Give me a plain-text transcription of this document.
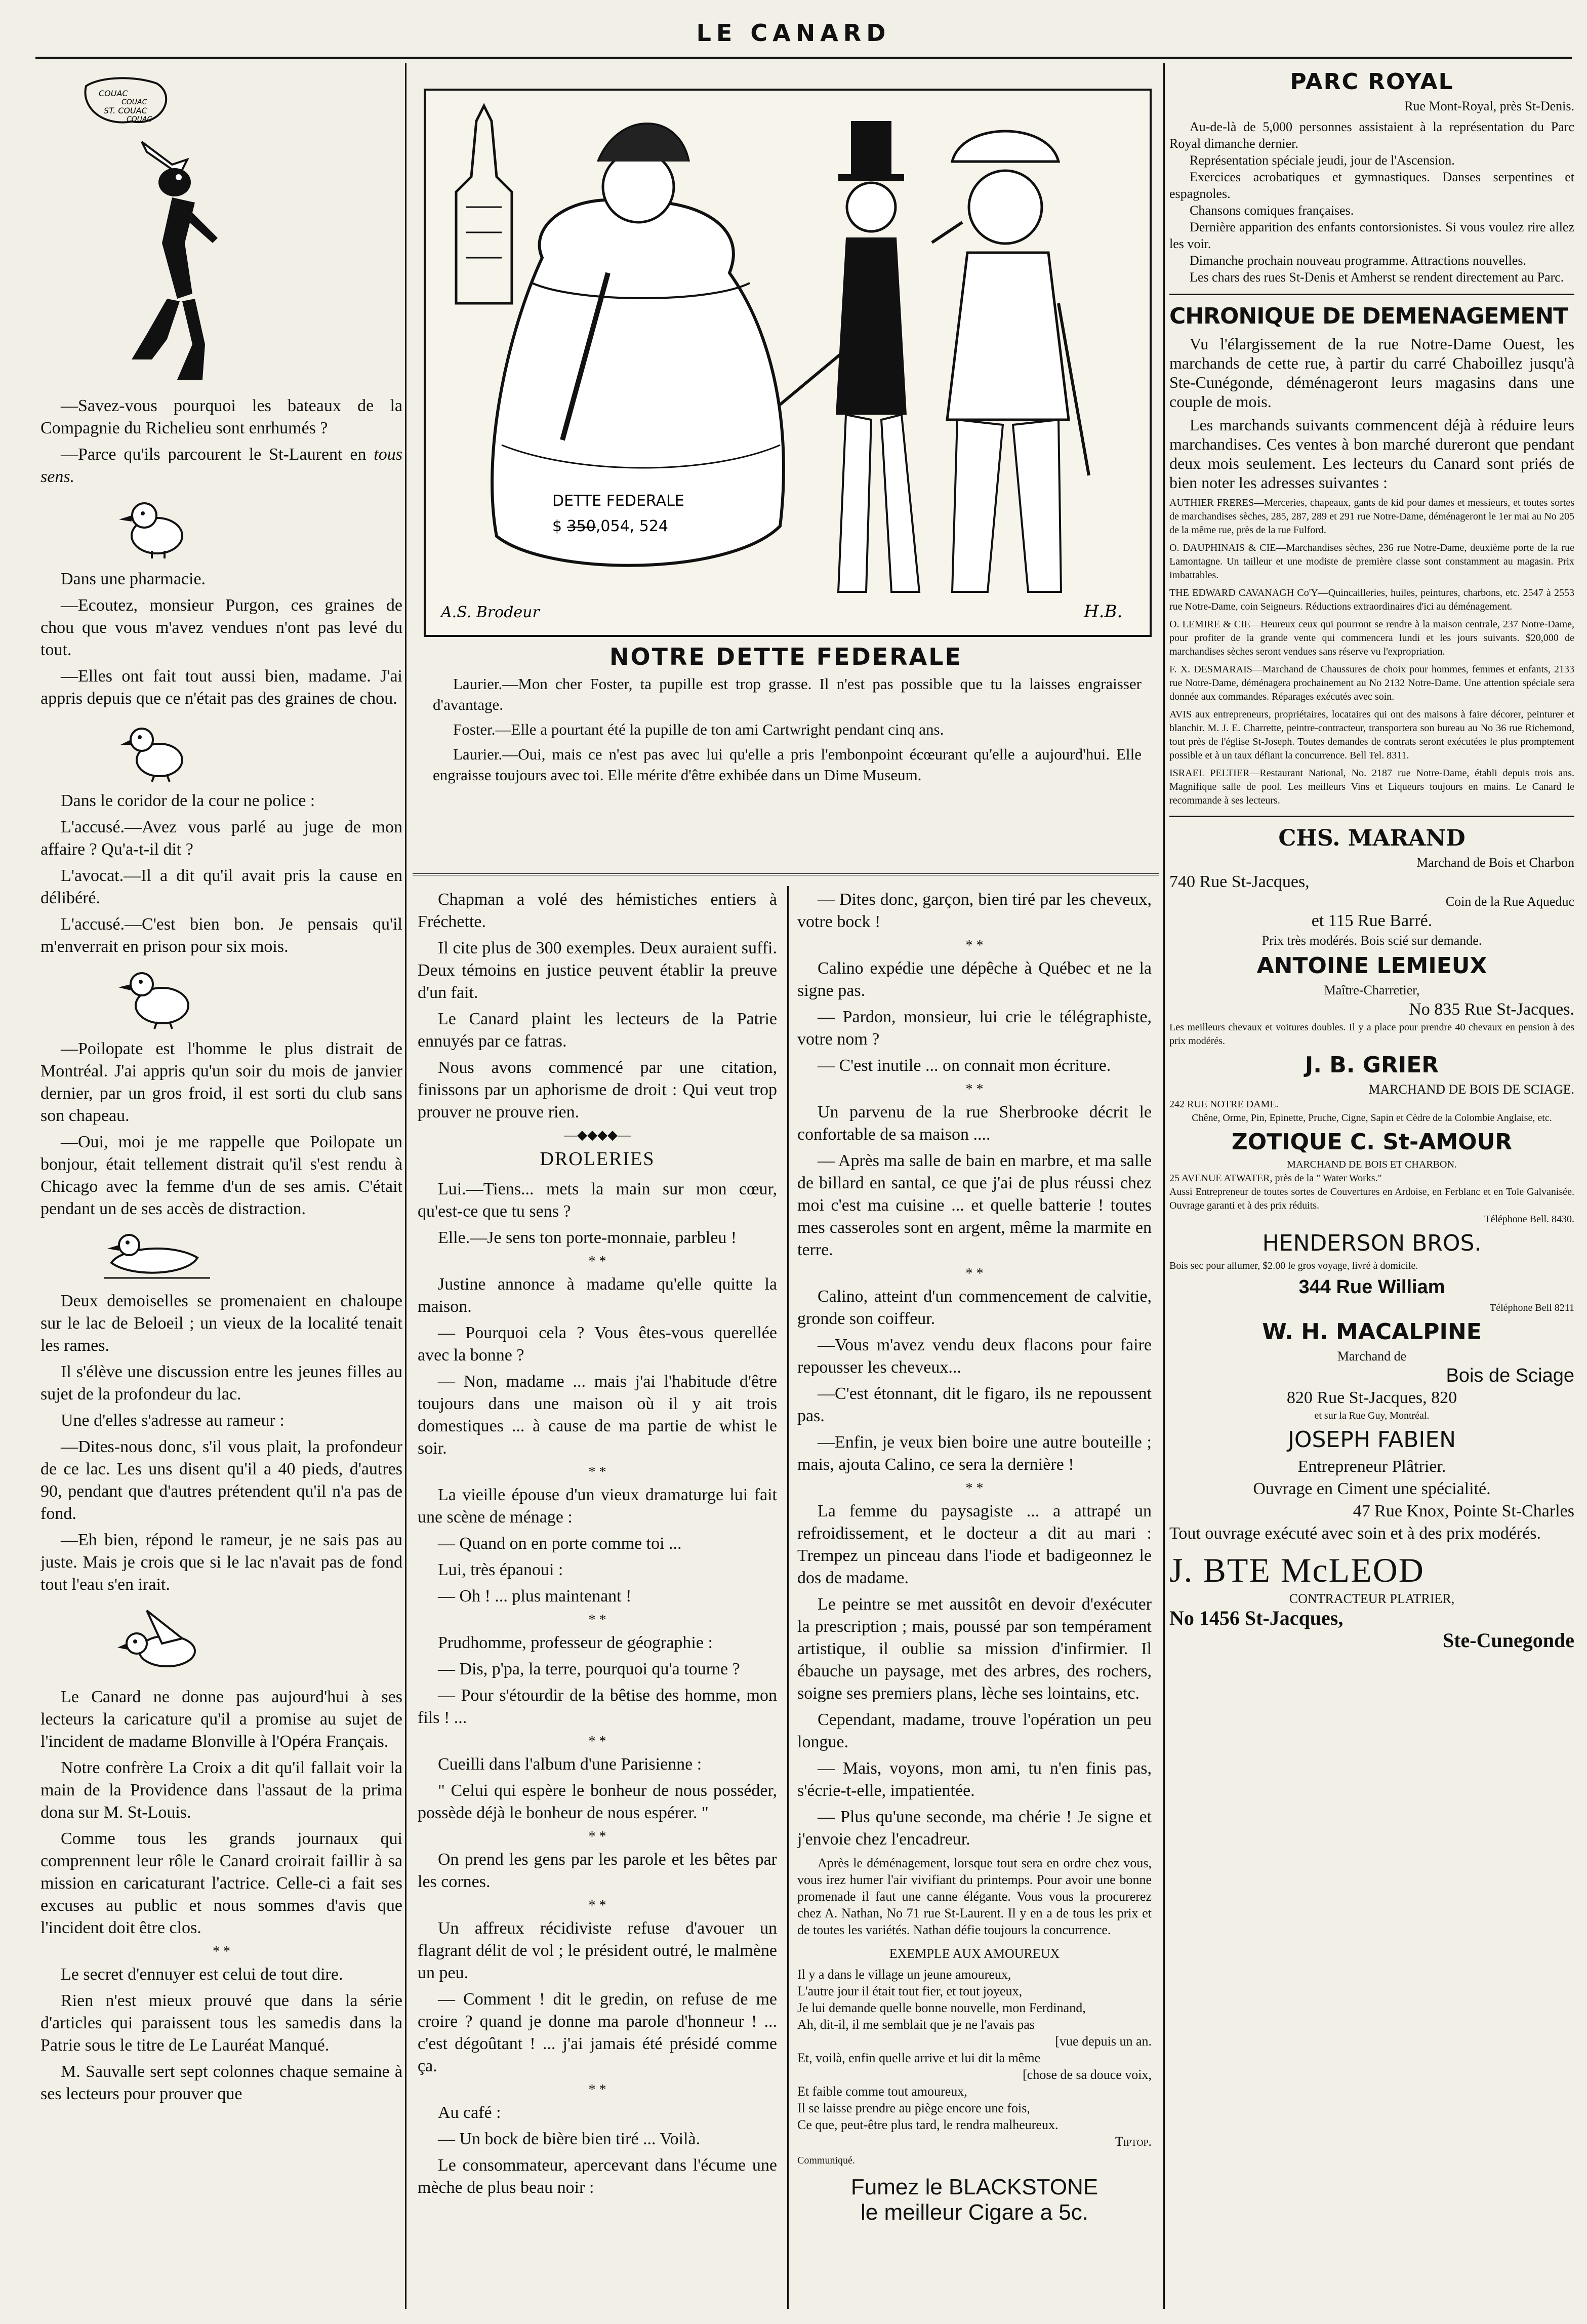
LE CANARD
COUAC
COUAC
ST. COUAC
COUAC

—Savez-vous pourquoi les bateaux de la Compagnie du Richelieu sont enrhumés ?

—Parce qu'ils parcourent le St-Laurent en tous sens.

Dans une pharmacie.

—Ecoutez, monsieur Purgon, ces graines de chou que vous m'avez vendues n'ont pas levé du tout.

—Elles ont fait tout aussi bien, madame. J'ai appris depuis que ce n'était pas des graines de chou.

Dans le coridor de la cour ne police :

L'accusé.—Avez vous parlé au juge de mon affaire ? Qu'a-t-il dit ?

L'avocat.—Il a dit qu'il avait pris la cause en délibéré.

L'accusé.—C'est bien bon. Je pensais qu'il m'enverrait en prison pour six mois.

—Poilopate est l'homme le plus distrait de Montréal. J'ai appris qu'un soir du mois de janvier dernier, par un gros froid, il est sorti du club sans son chapeau.

—Oui, moi je me rappelle que Poilopate un bonjour, était tellement distrait qu'il s'est rendu à Chicago avec la femme d'un de ses amis. C'était pendant un de ses accès de distraction.

Deux demoiselles se promenaient en chaloupe sur le lac de Beloeil ; un vieux de la localité tenait les rames.

Il s'élève une discussion entre les jeunes filles au sujet de la profondeur du lac.

Une d'elles s'adresse au rameur :

—Dites-nous donc, s'il vous plait, la profondeur de ce lac. Les uns disent qu'il a 40 pieds, d'autres 90, pendant que d'autres prétendent qu'il n'a pas de fond.

—Eh bien, répond le rameur, je ne sais pas au juste. Mais je crois que si le lac n'avait pas de fond tout l'eau s'en irait.

Le Canard ne donne pas aujourd'hui à ses lecteurs la caricature qu'il a promise au sujet de l'incident de madame Blonville à l'Opéra Français.

Notre confrère La Croix a dit qu'il fallait voir la main de la Providence dans l'assaut de la prima dona sur M. St-Louis.

Comme tous les grands journaux qui comprennent leur rôle le Canard croirait faillir à sa mission en caricaturant l'actrice. Celle-ci a fait ses excuses au public et nous sommes d'avis que l'incident doit être clos.

* *

Le secret d'ennuyer est celui de tout dire.

Rien n'est mieux prouvé que dans la série d'articles qui paraissent tous les samedis dans la Patrie sous le titre de Le Lauréat Manqué.

M. Sauvalle sert sept colonnes chaque semaine à ses lecteurs pour prouver que

DETTE FEDERALE
$ 3̶5̶0̶,054, 524
A.S. Brodeur	H.B.
NOTRE DETTE FEDERALE

Laurier.—Mon cher Foster, ta pupille est trop grasse. Il n'est pas possible que tu la laisses engraisser d'avantage.

Foster.—Elle a pourtant été la pupille de ton ami Cartwright pendant cinq ans.

Laurier.—Oui, mais ce n'est pas avec lui qu'elle a pris l'embonpoint écœurant qu'elle a aujourd'hui. Elle engraisse toujours avec toi. Elle mérite d'être exhibée dans un Dime Museum.

Chapman a volé des hémistiches entiers à Fréchette.

Il cite plus de 300 exemples. Deux auraient suffi. Deux témoins en justice peuvent établir la preuve d'un fait.

Le Canard plaint les lecteurs de la Patrie ennuyés par ce fatras.

Nous avons commencé par une citation, finissons par un aphorisme de droit : Qui veut trop prouver ne prouve rien.

—◆◆◆◆—
DROLERIES

Lui.—Tiens... mets la main sur mon cœur, qu'est-ce que tu sens ?

Elle.—Je sens ton porte-monnaie, parbleu !

* *

Justine annonce à madame qu'elle quitte la maison.

— Pourquoi cela ? Vous êtes-vous querellée avec la bonne ?

— Non, madame ... mais j'ai l'habitude d'être toujours dans une maison où il y ait trois domestiques ... à cause de ma partie de whist le soir.

* *

La vieille épouse d'un vieux dramaturge lui fait une scène de ménage :

— Quand on en porte comme toi ...

Lui, très épanoui :

— Oh ! ... plus maintenant !

* *

Prudhomme, professeur de géographie :

— Dis, p'pa, la terre, pourquoi qu'a tourne ?

— Pour s'étourdir de la bêtise des homme, mon fils ! ...

* *

Cueilli dans l'album d'une Parisienne :

" Celui qui espère le bonheur de nous posséder, possède déjà le bonheur de nous espérer. "

* *

On prend les gens par les parole et les bêtes par les cornes.

* *

Un affreux récidiviste refuse d'avouer un flagrant délit de vol ; le président outré, le malmène un peu.

— Comment ! dit le gredin, on refuse de me croire ? quand je donne ma parole d'honneur ! ... c'est dégoûtant ! ... j'ai jamais été présidé comme ça.

* *

Au café :

— Un bock de bière bien tiré ... Voilà.

Le consommateur, apercevant dans l'écume une mèche de plus beau noir :

— Dites donc, garçon, bien tiré par les cheveux, votre bock !

* *

Calino expédie une dépêche à Québec et ne la signe pas.

— Pardon, monsieur, lui crie le télégraphiste, votre nom ?

— C'est inutile ... on connait mon écriture.

* *

Un parvenu de la rue Sherbrooke décrit le confortable de sa maison ....

— Après ma salle de bain en marbre, et ma salle de billard en santal, ce que j'ai de plus réussi chez moi c'est ma cuisine ... et quelle batterie ! toutes mes casseroles sont en argent, même la marmite en terre.

* *

Calino, atteint d'un commencement de calvitie, gronde son coiffeur.

—Vous m'avez vendu deux flacons pour faire repousser les cheveux...

—C'est étonnant, dit le figaro, ils ne repoussent pas.

—Enfin, je veux bien boire une autre bouteille ; mais, ajouta Calino, ce sera la dernière !

* *

La femme du paysagiste ... a attrapé un refroidissement, et le docteur a dit au mari : Trempez un pinceau dans l'iode et badigeonnez le dos de madame.

Le peintre se met aussitôt en devoir d'exécuter la prescription ; mais, poussé par son tempérament artistique, il oublie sa mission d'infirmier. Il ébauche un paysage, met des arbres, des rochers, soigne ses premiers plans, lèche ses lointains, etc.

Cependant, madame, trouve l'opération un peu longue.

— Mais, voyons, mon ami, tu n'en finis pas, s'écrie-t-elle, impatientée.

— Plus qu'une seconde, ma chérie ! Je signe et j'envoie chez l'encadreur.

Après le déménagement, lorsque tout sera en ordre chez vous, vous irez humer l'air vivifiant du printemps. Pour avoir une bonne promenade il faut une canne élégante. Vous vous la procurerez chez A. Nathan, No 71 rue St-Laurent. Il y en a de tous les prix et de toutes les variétés. Nathan défie toujours la concurrence.

EXEMPLE AUX AMOUREUX

Il y a dans le village un jeune amoureux,

L'autre jour il était tout fier, et tout joyeux,

Je lui demande quelle bonne nouvelle, mon Ferdinand,

Ah, dit-il, il me semblait que je ne l'avais pas

[vue depuis un an.

Et, voilà, enfin quelle arrive et lui dit la même

[chose de sa douce voix,

Et faible comme tout amoureux,

Il se laisse prendre au piège encore une fois,

Ce que, peut-être plus tard, le rendra malheureux.

Tiptop.

Communiqué.

Fumez le BLACKSTONE
le meilleur Cigare a 5c.
PARC ROYAL

Rue Mont-Royal, près St-Denis.

Au-de-là de 5,000 personnes assistaient à la représentation du Parc Royal dimanche dernier.

Représentation spéciale jeudi, jour de l'Ascension.

Exercices acrobatiques et gymnastiques. Danses serpentines et espagnoles.

Chansons comiques françaises.

Dernière apparition des enfants contorsionistes. Si vous voulez rire allez les voir.

Dimanche prochain nouveau programme. Attractions nouvelles.

Les chars des rues St-Denis et Amherst se rendent directement au Parc.

CHRONIQUE DE DEMENAGEMENT

Vu l'élargissement de la rue Notre-Dame Ouest, les marchands de cette rue, à partir du carré Chaboillez jusqu'à Ste-Cunégonde, déménageront leurs magasins dans une couple de mois.

Les marchands suivants commencent déjà à réduire leurs marchandises. Ces ventes à bon marché dureront que pendant deux mois seulement. Les lecteurs du Canard sont priés de bien noter les adresses suivantes :

AUTHIER FRERES—Merceries, chapeaux, gants de kid pour dames et messieurs, et toutes sortes de marchandises sèches, 285, 287, 289 et 291 rue Notre-Dame, déménageront le 1er mai au No 205 de la même rue, près de la rue Fulford.

O. DAUPHINAIS & CIE—Marchandises sèches, 236 rue Notre-Dame, deuxième porte de la rue Lamontagne. Un tailleur et une modiste de première classe sont constamment au magasin. Prix imbattables.

THE EDWARD CAVANAGH Co'Y—Quincailleries, huiles, peintures, charbons, etc. 2547 à 2553 rue Notre-Dame, coin Seigneurs. Réductions extraordinaires d'ici au déménagement.

O. LEMIRE & CIE—Heureux ceux qui pourront se rendre à la maison centrale, 237 Notre-Dame, pour profiter de la grande vente qui commencera lundi et les jours suivants. $20,000 de marchandises sèches seront vendues sans réserve vu l'expropriation.

F. X. DESMARAIS—Marchand de Chaussures de choix pour hommes, femmes et enfants, 2133 rue Notre-Dame, déménagera prochainement au No 2132 Notre-Dame. Une attention spéciale sera donnée aux commandes. Réparages exécutés avec soin.

AVIS aux entrepreneurs, propriétaires, locataires qui ont des maisons à faire décorer, peinturer et blanchir. M. J. E. Charrette, peintre-contracteur, transportera son bureau au No 36 rue Richemond, tout près de l'église St-Joseph. Toutes demandes de contrats seront exécutées le plus promptement possible et à un taux défiant la concurrence. Bell Tel. 8311.

ISRAEL PELTIER—Restaurant National, No. 2187 rue Notre-Dame, établi depuis trois ans. Magnifique salle de pool. Les meilleurs Vins et Liqueurs toujours en mains. Le Canard le recommande à ses lecteurs.

CHS. MARAND

Marchand de Bois et Charbon

740 Rue St-Jacques,

Coin de la Rue Aqueduc

et 115 Rue Barré.

Prix très modérés. Bois scié sur demande.

ANTOINE LEMIEUX

Maître-Charretier,

No 835 Rue St-Jacques.

Les meilleurs chevaux et voitures doubles. Il y a place pour prendre 40 chevaux en pension à des prix modérés.

J. B. GRIER

MARCHAND DE BOIS DE SCIAGE.

242 RUE NOTRE DAME.

Chêne, Orme, Pin, Epinette, Pruche, Cigne, Sapin et Cèdre de la Colombie Anglaise, etc.

ZOTIQUE C. St-AMOUR

MARCHAND DE BOIS ET CHARBON.

25 AVENUE ATWATER, près de la " Water Works."

Aussi Entrepreneur de toutes sortes de Couvertures en Ardoise, en Ferblanc et en Tole Galvanisée. Ouvrage garanti et à des prix réduits.

Téléphone Bell. 8430.

HENDERSON BROS.

Bois sec pour allumer, $2.00 le gros voyage, livré à domicile.

344 Rue William

Téléphone Bell 8211

W. H. MACALPINE

Marchand de

Bois de Sciage

820 Rue St-Jacques, 820

et sur la Rue Guy, Montréal.

JOSEPH FABIEN

Entrepreneur Plâtrier.

Ouvrage en Ciment une spécialité.

47 Rue Knox, Pointe St-Charles

Tout ouvrage exécuté avec soin et à des prix modérés.

J. BTE McLEOD

CONTRACTEUR PLATRIER,

No 1456 St-Jacques,

Ste-Cunegonde
